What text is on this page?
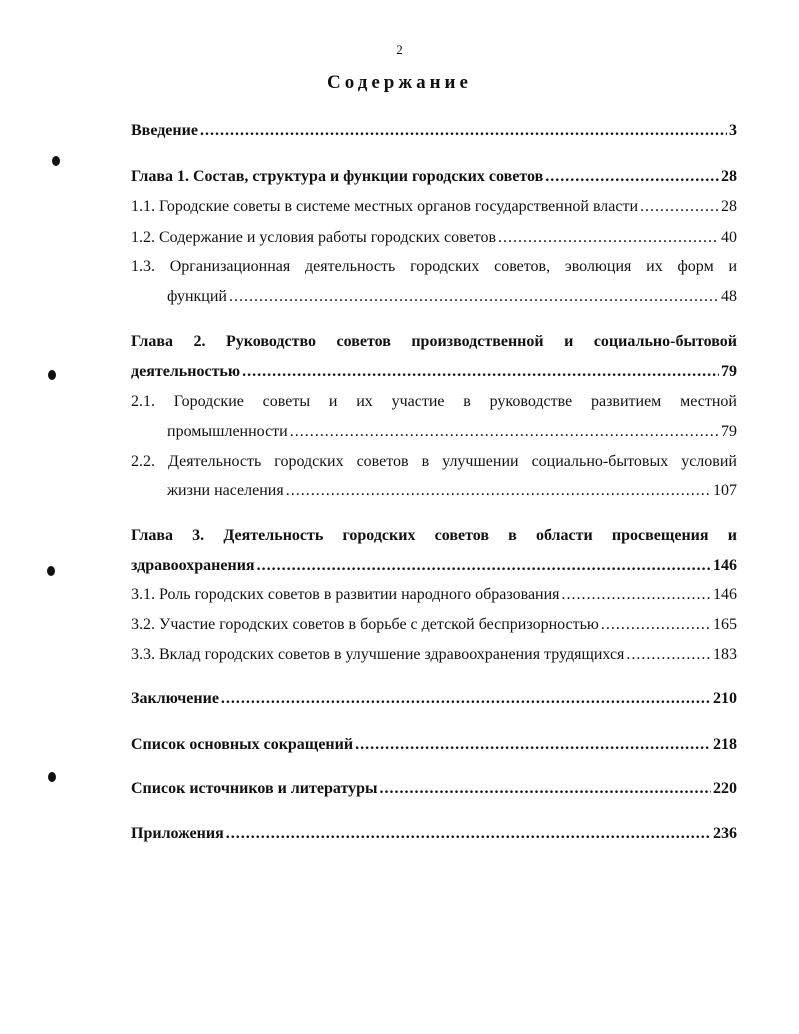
2
Содержание
Введение .....	3
Глава 1. Состав, структура и функции городских советов .....	28
1.1. Городские советы в системе местных органов государственной власти .....	28
1.2. Содержание и условия работы городских советов .....	40
1.3. Организационная деятельность городских советов, эволюция их форм и
функций .....	48
Глава 2. Руководство советов производственной и социально-бытовой
деятельностью .....	79
2.1. Городские советы и их участие в руководстве развитием местной
промышленности .....	79
2.2. Деятельность городских советов в улучшении социально-бытовых условий
жизни населения .....	107
Глава 3. Деятельность городских советов в области просвещения и
здравоохранения .....	146
3.1. Роль городских советов в развитии народного образования .....	146
3.2. Участие городских советов в борьбе с детской беспризорностью .....	165
3.3. Вклад городских советов в улучшение здравоохранения трудящихся .....	183
Заключение .....	210
Список основных сокращений .....	218
Список источников и литературы .....	220
Приложения .....	236
